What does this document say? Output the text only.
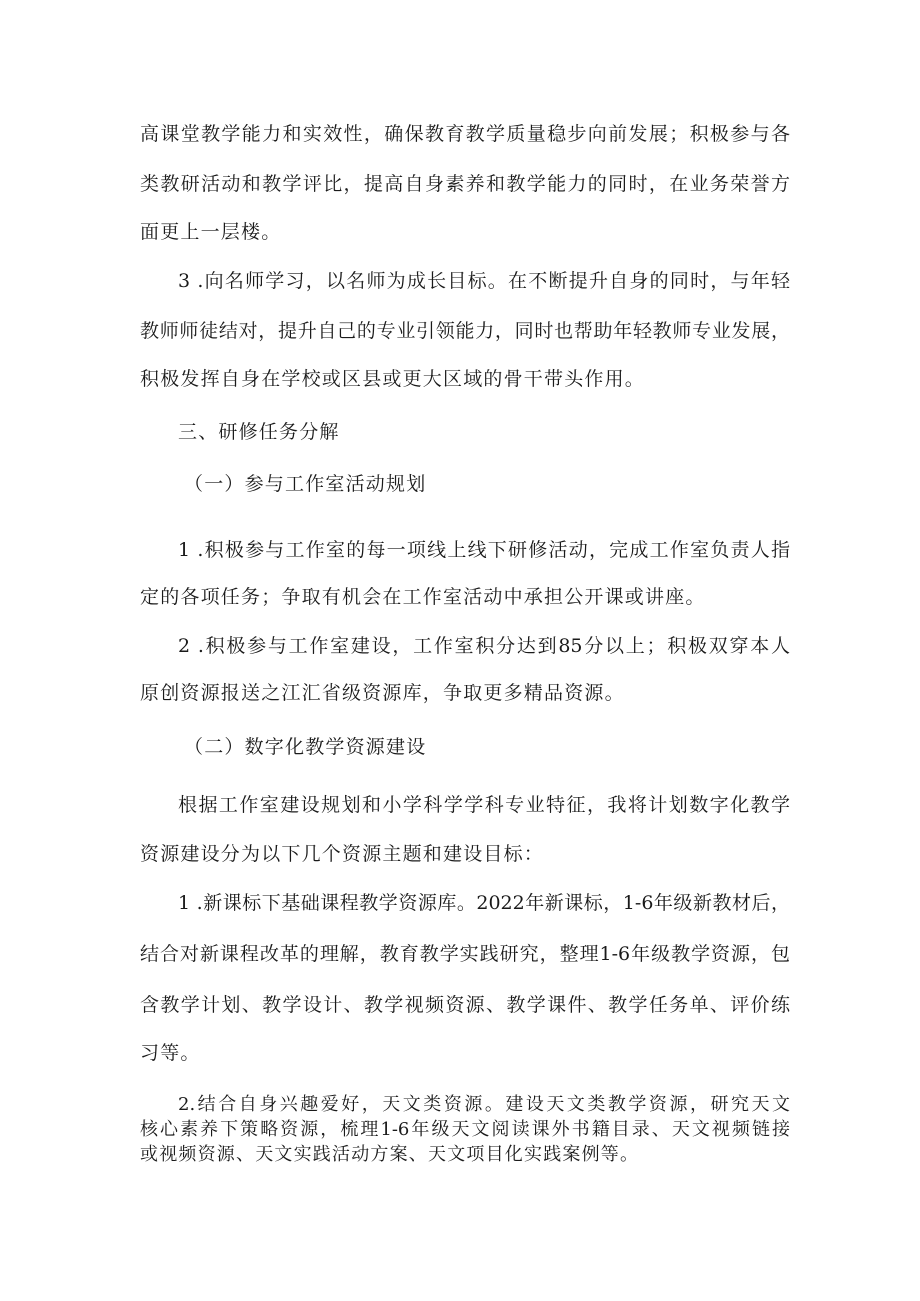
高课堂教学能力和实效性，确保教育教学质量稳步向前发展；积极参与各
类教研活动和教学评比，提高自身素养和教学能力的同时，在业务荣誉方
面更上一层楼。
3 .向名师学习，以名师为成长目标。在不断提升自身的同时，与年轻
教师师徒结对，提升自己的专业引领能力，同时也帮助年轻教师专业发展，
积极发挥自身在学校或区县或更大区域的骨干带头作用。
三、研修任务分解
（一）参与工作室活动规划
1 .积极参与工作室的每一项线上线下研修活动，完成工作室负责人指
定的各项任务；争取有机会在工作室活动中承担公开课或讲座。
2 .积极参与工作室建设，工作室积分达到85分以上；积极双穿本人
原创资源报送之江汇省级资源库，争取更多精品资源。
（二）数字化教学资源建设
根据工作室建设规划和小学科学学科专业特征，我将计划数字化教学
资源建设分为以下几个资源主题和建设目标：
1 .新课标下基础课程教学资源库。2022年新课标，1-6年级新教材后，
结合对新课程改革的理解，教育教学实践研究，整理1-6年级教学资源，包
含教学计划、教学设计、教学视频资源、教学课件、教学任务单、评价练
习等。
2.结合自身兴趣爱好，天文类资源。建设天文类教学资源，研究天文
核心素养下策略资源，梳理1-6年级天文阅读课外书籍目录、天文视频链接
或视频资源、天文实践活动方案、天文项目化实践案例等。
